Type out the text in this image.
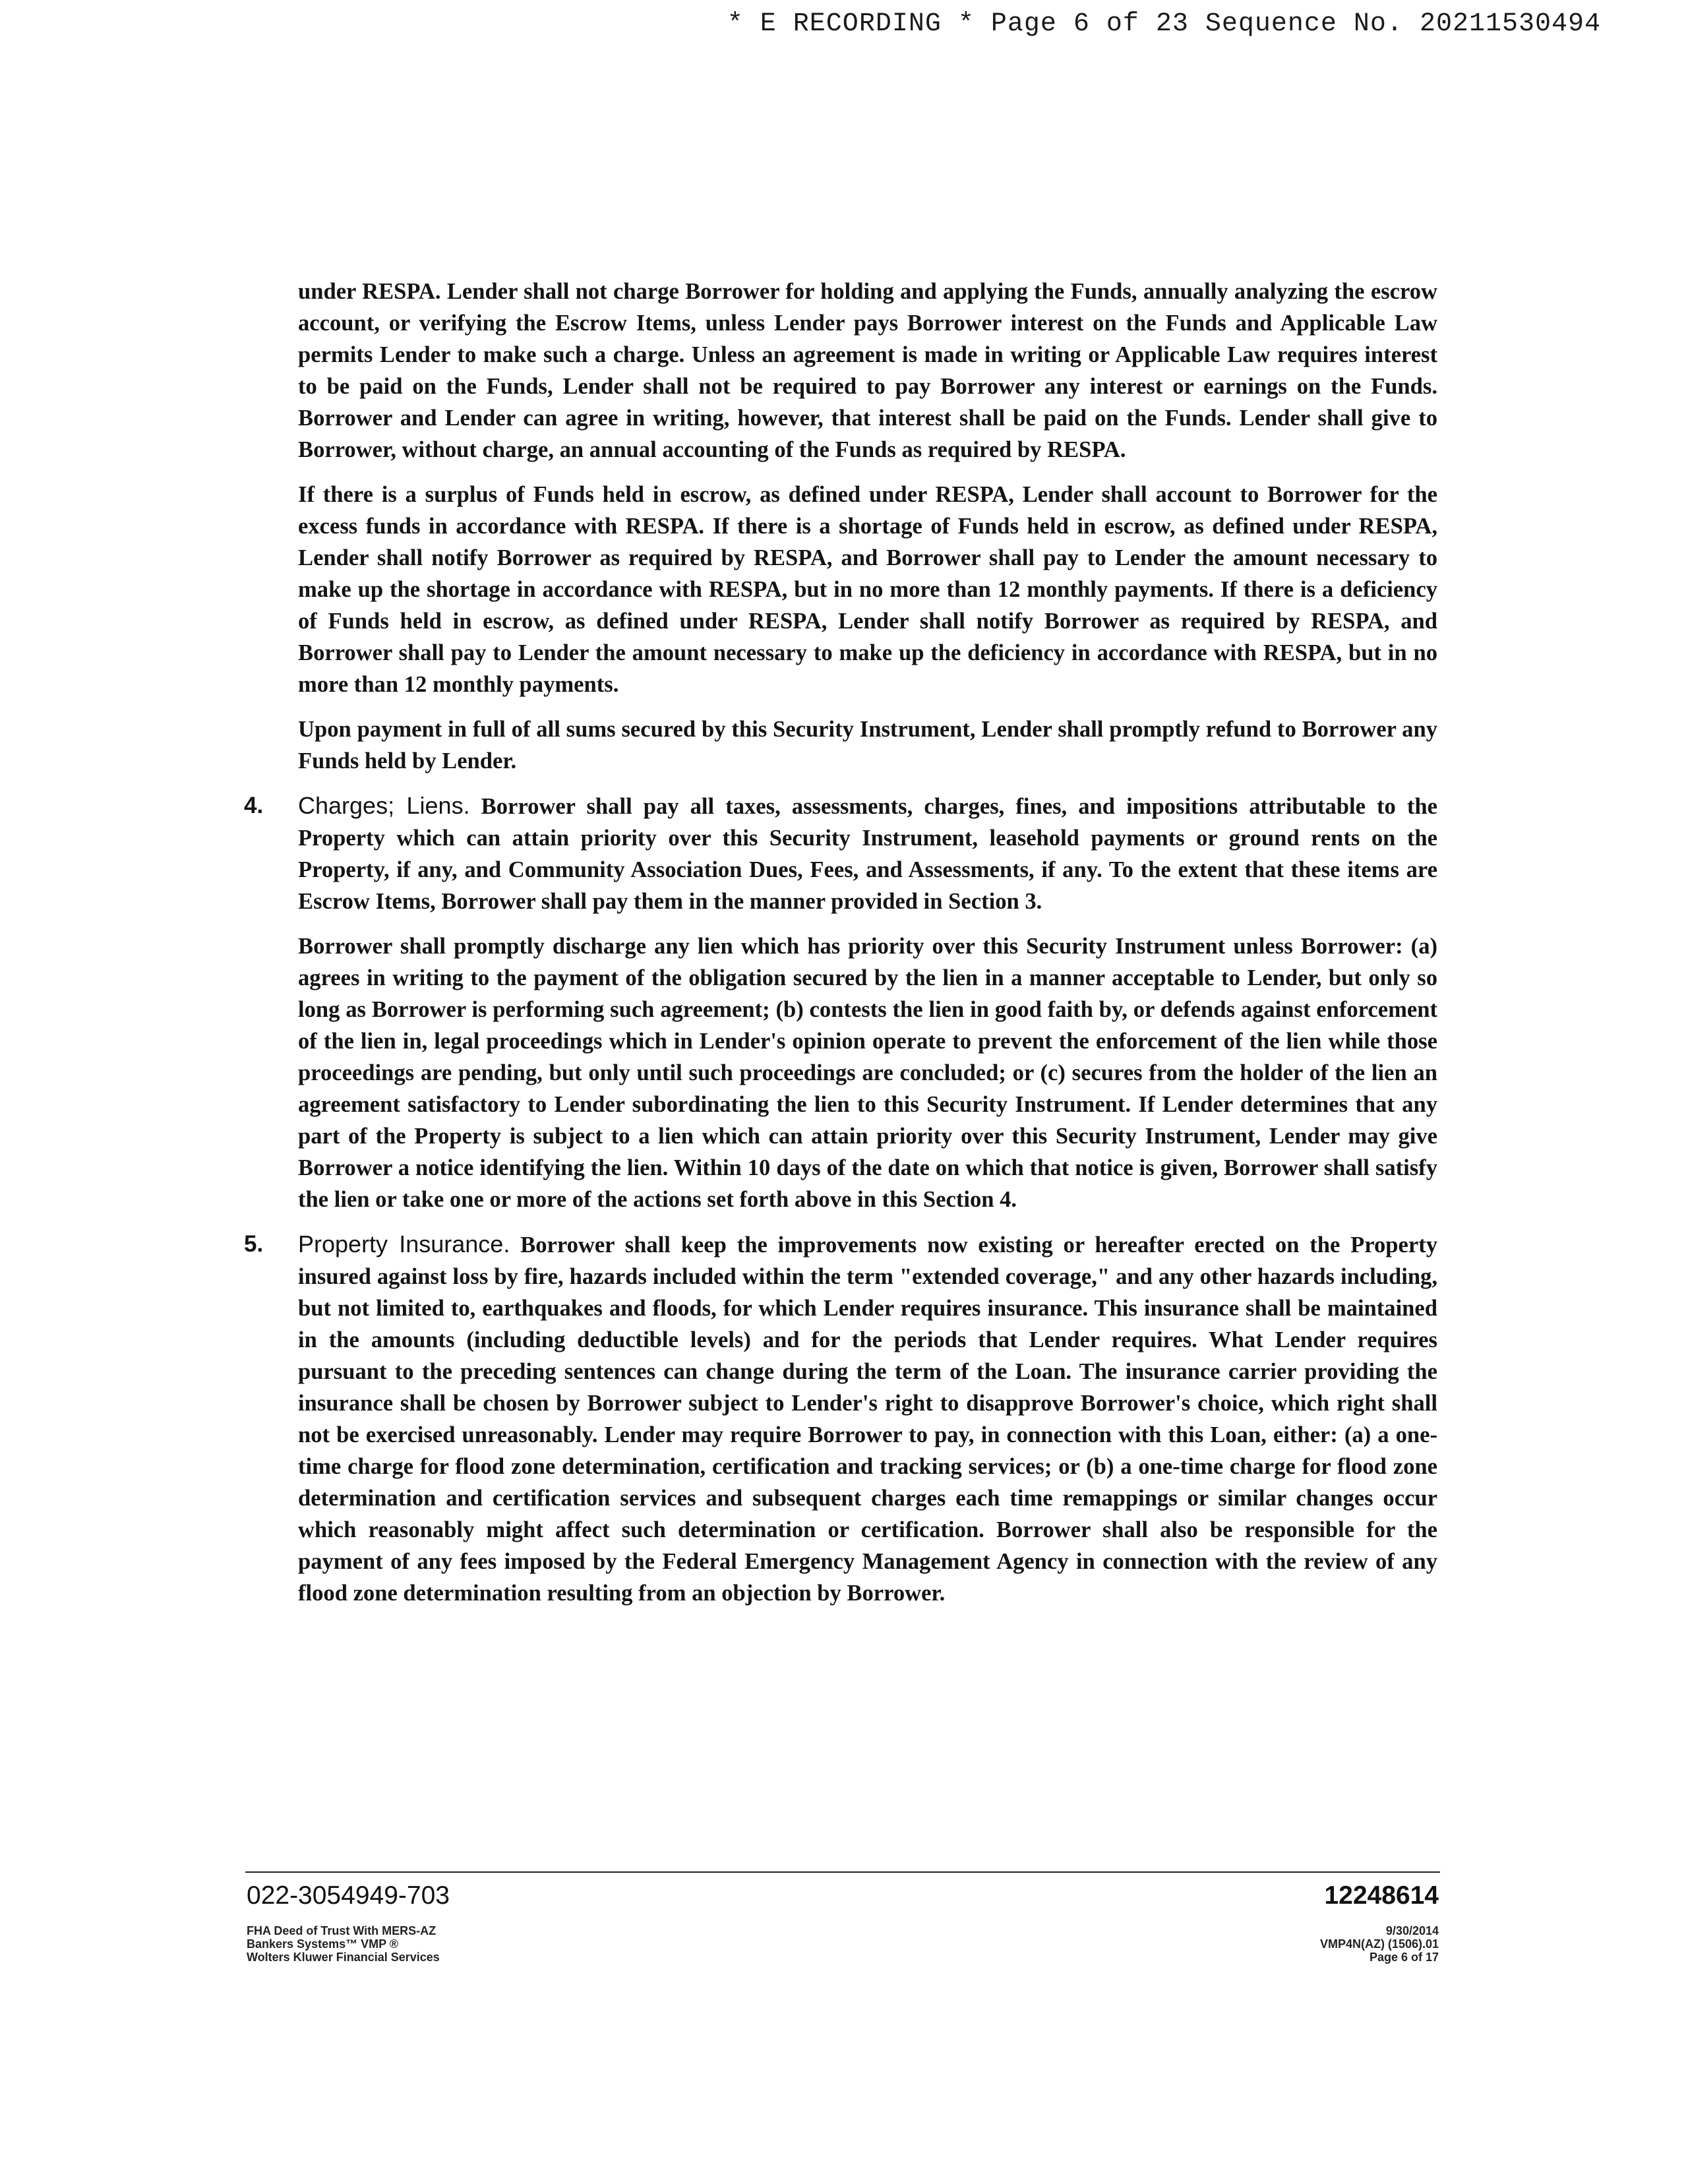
* E RECORDING * Page 6 of 23 Sequence No. 20211530494

under RESPA. Lender shall not charge Borrower for holding and applying the Funds, annually analyzing the escrow account, or verifying the Escrow Items, unless Lender pays Borrower interest on the Funds and Applicable Law permits Lender to make such a charge. Unless an agreement is made in writing or Applicable Law requires interest to be paid on the Funds, Lender shall not be required to pay Borrower any interest or earnings on the Funds. Borrower and Lender can agree in writing, however, that interest shall be paid on the Funds. Lender shall give to Borrower, without charge, an annual accounting of the Funds as required by RESPA.

If there is a surplus of Funds held in escrow, as defined under RESPA, Lender shall account to Borrower for the excess funds in accordance with RESPA. If there is a shortage of Funds held in escrow, as defined under RESPA, Lender shall notify Borrower as required by RESPA, and Borrower shall pay to Lender the amount necessary to make up the shortage in accordance with RESPA, but in no more than 12 monthly payments. If there is a deficiency of Funds held in escrow, as defined under RESPA, Lender shall notify Borrower as required by RESPA, and Borrower shall pay to Lender the amount necessary to make up the deficiency in accordance with RESPA, but in no more than 12 monthly payments.

Upon payment in full of all sums secured by this Security Instrument, Lender shall promptly refund to Borrower any Funds held by Lender.

4. Charges; Liens. Borrower shall pay all taxes, assessments, charges, fines, and impositions attributable to the Property which can attain priority over this Security Instrument, leasehold payments or ground rents on the Property, if any, and Community Association Dues, Fees, and Assessments, if any. To the extent that these items are Escrow Items, Borrower shall pay them in the manner provided in Section 3.

Borrower shall promptly discharge any lien which has priority over this Security Instrument unless Borrower: (a) agrees in writing to the payment of the obligation secured by the lien in a manner acceptable to Lender, but only so long as Borrower is performing such agreement; (b) contests the lien in good faith by, or defends against enforcement of the lien in, legal proceedings which in Lender's opinion operate to prevent the enforcement of the lien while those proceedings are pending, but only until such proceedings are concluded; or (c) secures from the holder of the lien an agreement satisfactory to Lender subordinating the lien to this Security Instrument. If Lender determines that any part of the Property is subject to a lien which can attain priority over this Security Instrument, Lender may give Borrower a notice identifying the lien. Within 10 days of the date on which that notice is given, Borrower shall satisfy the lien or take one or more of the actions set forth above in this Section 4.

5. Property Insurance. Borrower shall keep the improvements now existing or hereafter erected on the Property insured against loss by fire, hazards included within the term "extended coverage," and any other hazards including, but not limited to, earthquakes and floods, for which Lender requires insurance. This insurance shall be maintained in the amounts (including deductible levels) and for the periods that Lender requires. What Lender requires pursuant to the preceding sentences can change during the term of the Loan. The insurance carrier providing the insurance shall be chosen by Borrower subject to Lender's right to disapprove Borrower's choice, which right shall not be exercised unreasonably. Lender may require Borrower to pay, in connection with this Loan, either: (a) a one-time charge for flood zone determination, certification and tracking services; or (b) a one-time charge for flood zone determination and certification services and subsequent charges each time remappings or similar changes occur which reasonably might affect such determination or certification. Borrower shall also be responsible for the payment of any fees imposed by the Federal Emergency Management Agency in connection with the review of any flood zone determination resulting from an objection by Borrower.

022-3054949-703	12248614
FHA Deed of Trust With MERS-AZ
Bankers Systems™ VMP ®
Wolters Kluwer Financial Services
9/30/2014
VMP4N(AZ) (1506).01
Page 6 of 17
